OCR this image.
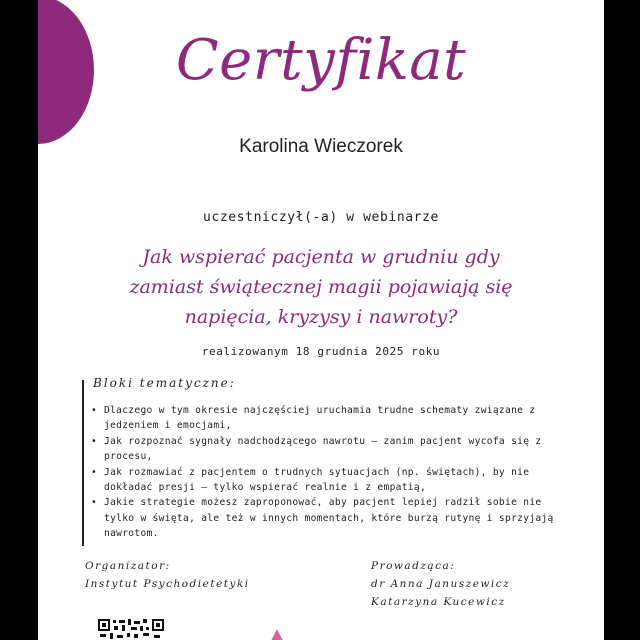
Certyfikat
Karolina Wieczorek
uczestniczył(-a) w webinarze
Jak wspierać pacjenta w grudniu gdy
zamiast świątecznej magii pojawiają się
napięcia, kryzysy i nawroty?
realizowanym 18 grudnia 2025 roku
Bloki tematyczne:
• Dlaczego w tym okresie najczęściej uruchamia trudne schematy związane z jedzeniem i emocjami,
• Jak rozpoznać sygnały nadchodzącego nawrotu – zanim pacjent wycofa się z procesu,
• Jak rozmawiać z pacjentem o trudnych sytuacjach (np. świętach), by nie dokładać presji – tylko wspierać realnie i z empatią,
• Jakie strategie możesz zaproponować, aby pacjent lepiej radził sobie nie tylko w święta, ale też w innych momentach, które burzą rutynę i sprzyjają nawrotom.
Organizator:
Instytut Psychodietetyki
Prowadząca:
dr Anna Januszewicz
Katarzyna Kucewicz
